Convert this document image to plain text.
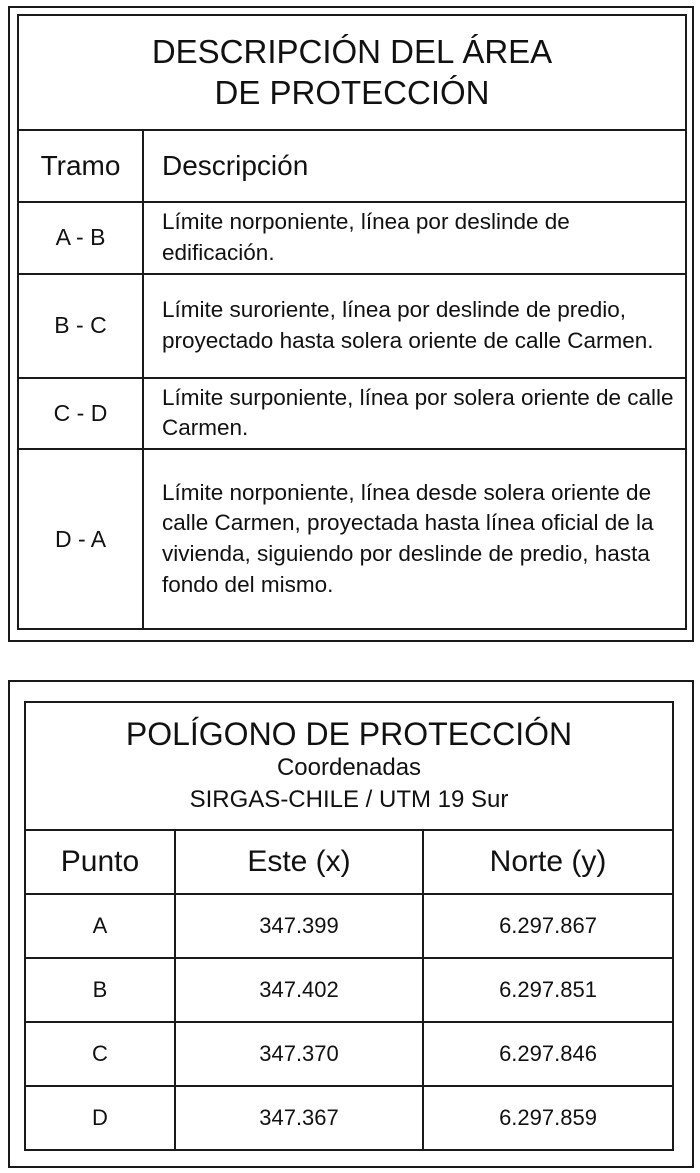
DESCRIPCIÓN DEL ÁREA
DE PROTECCIÓN	
Tramo	Descripción
A - B	Límite norponiente, línea por deslinde de edificación.
B - C	Límite suroriente, línea por deslinde de predio, proyectado hasta solera oriente de calle Carmen.
C - D	Límite surponiente, línea por solera oriente de calle Carmen.
D - A	Límite norponiente, línea desde solera oriente de calle Carmen, proyectada hasta línea oficial de la vivienda, siguiendo por deslinde de predio, hasta fondo del mismo.
POLÍGONO DE PROTECCIÓN
Coordenadas
SIRGAS-CHILE / UTM 19 Sur		

Punto	Este (x)	Norte (y)
A	347.399	6.297.867
B	347.402	6.297.851
C	347.370	6.297.846
D	347.367	6.297.859
